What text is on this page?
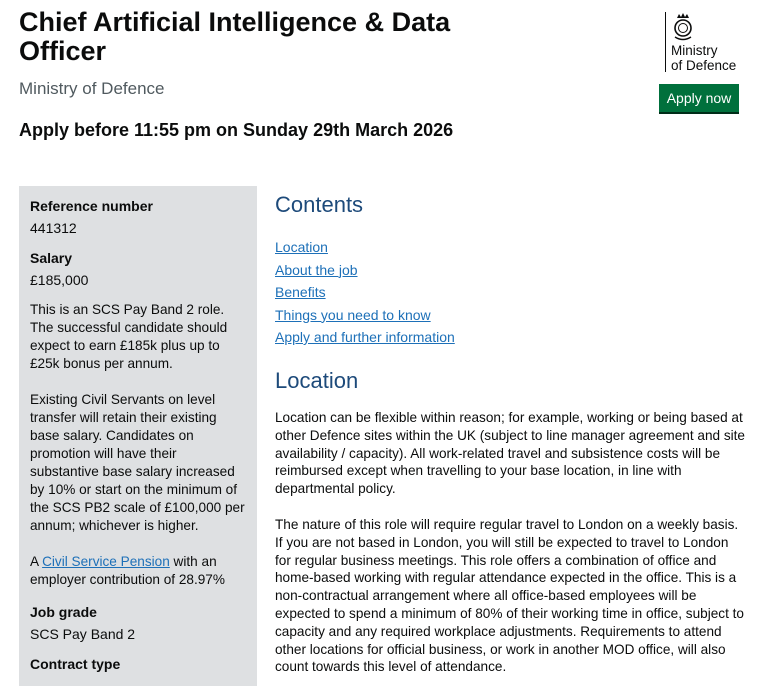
Chief Artificial Intelligence & Data Officer

Ministry of Defence

Apply before 11:55 pm on Sunday 29th March 2026

Ministry
of Defence
Apply now
Reference number
441312
Salary
£185,000

This is an SCS Pay Band 2 role. The successful candidate should expect to earn £185k plus up to £25k bonus per annum.

Existing Civil Servants on level transfer will retain their existing base salary. Candidates on promotion will have their substantive base salary increased by 10% or start on the minimum of the SCS PB2 scale of £100,000 per annum; whichever is higher.

A Civil Service Pension with an employer contribution of 28.97%

Job grade
SCS Pay Band 2
Contract type
Contents
Location
About the job
Benefits
Things you need to know
Apply and further information
Location

Location can be flexible within reason; for example, working or being based at other Defence sites within the UK (subject to line manager agreement and site availability / capacity). All work-related travel and subsistence costs will be reimbursed except when travelling to your base location, in line with departmental policy.

The nature of this role will require regular travel to London on a weekly basis. If you are not based in London, you will still be expected to travel to London for regular business meetings. This role offers a combination of office and home-based working with regular attendance expected in the office. This is a non-contractual arrangement where all office-based employees will be expected to spend a minimum of 80% of their working time in office, subject to capacity and any required workplace adjustments. Requirements to attend other locations for official business, or work in another MOD office, will also count towards this level of attendance.
